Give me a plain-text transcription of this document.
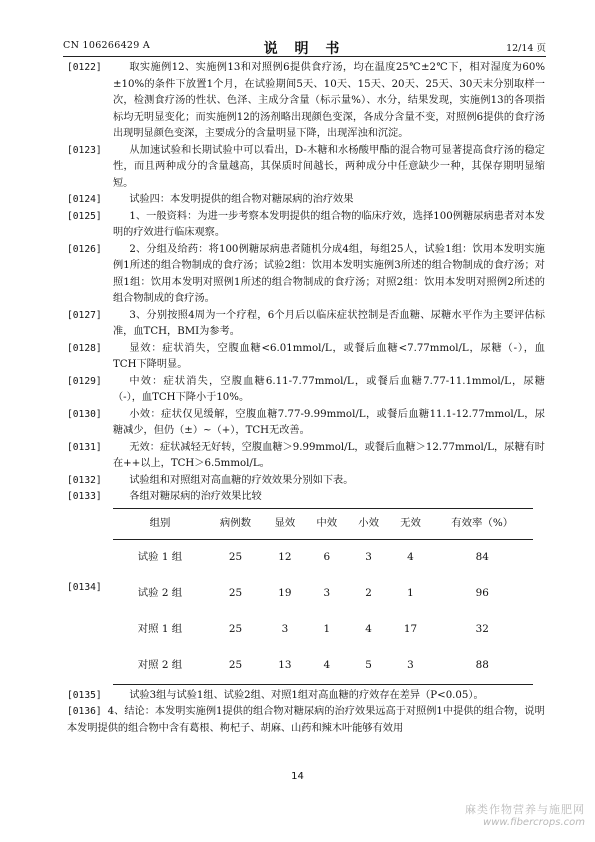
CN 106266429 A	说 明 书	12/14 页

[0122]	取实施例12、实施例13和对照例6提供食疗汤，均在温度25℃±2℃下，相对湿度为60%±10%的条件下放置1个月，在试验期间5天、10天、15天、20天、25天、30天末分别取样一次，检测食疗汤的性状、色泽、主成分含量（标示量%）、水分，结果发现，实施例13的各项指标均无明显变化；而实施例12的汤剂略出现颜色变深，各成分含量不变，对照例6提供的食疗汤出现明显颜色变深，主要成分的含量明显下降，出现浑浊和沉淀。

[0123]	从加速试验和长期试验中可以看出，D-木糖和水杨酸甲酯的混合物可显著提高食疗汤的稳定性，而且两种成分的含量越高，其保质时间越长，两种成分中任意缺少一种，其保存期明显缩短。

[0124]	试验四：本发明提供的组合物对糖尿病的治疗效果

[0125]	1、一般资料：为进一步考察本发明提供的组合物的临床疗效，选择100例糖尿病患者对本发明的疗效进行临床观察。

[0126]	2、分组及给药：将100例糖尿病患者随机分成4组，每组25人，试验1组：饮用本发明实施例1所述的组合物制成的食疗汤；试验2组：饮用本发明实施例3所述的组合物制成的食疗汤；对照1组：饮用本发明对照例1所述的组合物制成的食疗汤；对照2组：饮用本发明对照例2所述的组合物制成的食疗汤。

[0127]	3、分别按照4周为一个疗程，6个月后以临床症状控制是否血糖、尿糖水平作为主要评估标准，血TCH，BMI为参考。

[0128]	显效：症状消失，空腹血糖<6.01mmol/L，或餐后血糖<7.77mmol/L，尿糖（-），血TCH下降明显。

[0129]	中效：症状消失，空腹血糖6.11-7.77mmol/L，或餐后血糖7.77-11.1mmol/L，尿糖（-），血TCH下降小于10%。

[0130]	小效：症状仅见缓解，空腹血糖7.77-9.99mmol/L，或餐后血糖11.1-12.77mmol/L，尿糖减少，但仍（±）~（+），TCH无改善。

[0131]	无效：症状减轻无好转，空腹血糖＞9.99mmol/L，或餐后血糖＞12.77mmol/L，尿糖有时在++以上，TCH＞6.5mmol/L。

[0132]	试验组和对照组对高血糖的疗效效果分别如下表。

[0133]	各组对糖尿病的治疗效果比较

[0134]
组别	病例数	显效	中效	小效	无效	有效率（%）
试验 1 组	25	12	6	3	4	84
试验 2 组	25	19	3	2	1	96
对照 1 组	25	3	1	4	17	32
对照 2 组	25	13	4	5	3	88

[0135]	试验3组与试验1组、试验2组、对照1组对高血糖的疗效存在差异（P<0.05）。

[0136] 4、结论：本发明实施例1提供的组合物对糖尿病的治疗效果远高于对照例1中提供的组合物，说明本发明提供的组合物中含有葛根、枸杞子、胡麻、山药和辣木叶能够有效用

14
麻类作物营养与施肥网
www.fibercrops.com
